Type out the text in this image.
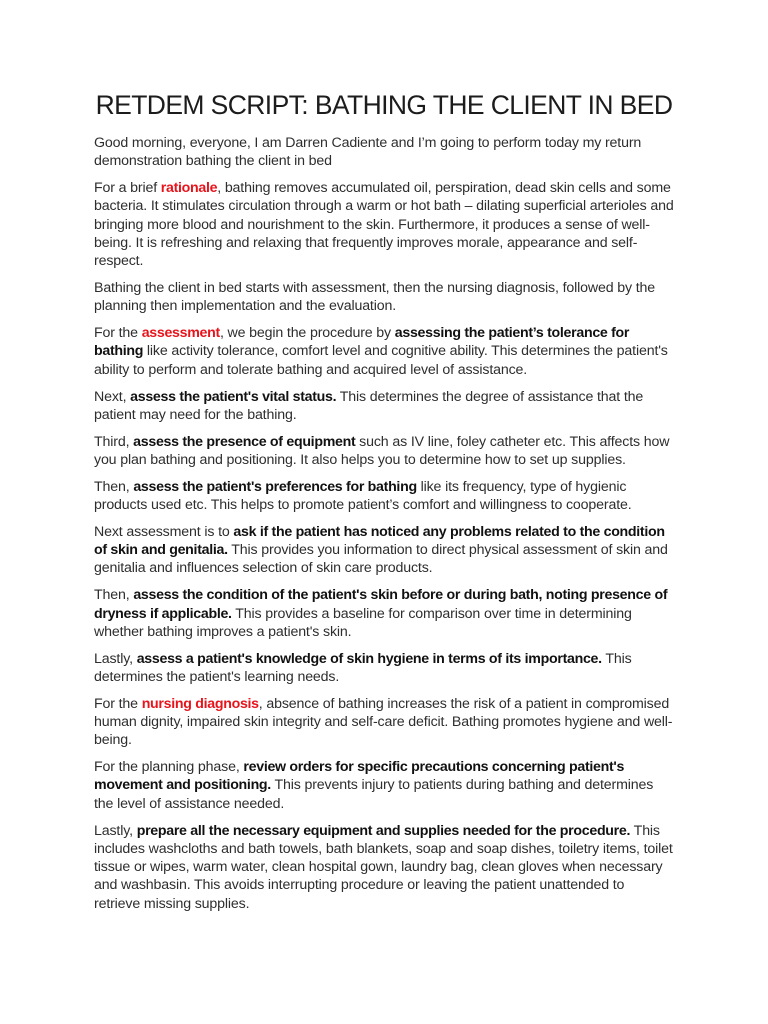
RETDEM SCRIPT: BATHING THE CLIENT IN BED

Good morning, everyone, I am Darren Cadiente and I’m going to perform today my return demonstration bathing the client in bed

For a brief rationale, bathing removes accumulated oil, perspiration, dead skin cells and some bacteria. It stimulates circulation through a warm or hot bath – dilating superficial arterioles and bringing more blood and nourishment to the skin. Furthermore, it produces a sense of well-being. It is refreshing and relaxing that frequently improves morale, appearance and self-respect.

Bathing the client in bed starts with assessment, then the nursing diagnosis, followed by the planning then implementation and the evaluation.

For the assessment, we begin the procedure by assessing the patient’s tolerance for bathing like activity tolerance, comfort level and cognitive ability. This determines the patient's ability to perform and tolerate bathing and acquired level of assistance.

Next, assess the patient's vital status. This determines the degree of assistance that the patient may need for the bathing.

Third, assess the presence of equipment such as IV line, foley catheter etc. This affects how you plan bathing and positioning. It also helps you to determine how to set up supplies.

Then, assess the patient's preferences for bathing like its frequency, type of hygienic products used etc. This helps to promote patient’s comfort and willingness to cooperate.

Next assessment is to ask if the patient has noticed any problems related to the condition of skin and genitalia. This provides you information to direct physical assessment of skin and genitalia and influences selection of skin care products.

Then, assess the condition of the patient's skin before or during bath, noting presence of dryness if applicable. This provides a baseline for comparison over time in determining whether bathing improves a patient's skin.

Lastly, assess a patient's knowledge of skin hygiene in terms of its importance. This determines the patient's learning needs.

For the nursing diagnosis, absence of bathing increases the risk of a patient in compromised human dignity, impaired skin integrity and self-care deficit. Bathing promotes hygiene and well-being.

For the planning phase, review orders for specific precautions concerning patient's movement and positioning. This prevents injury to patients during bathing and determines the level of assistance needed.

Lastly, prepare all the necessary equipment and supplies needed for the procedure. This includes washcloths and bath towels, bath blankets, soap and soap dishes, toiletry items, toilet tissue or wipes, warm water, clean hospital gown, laundry bag, clean gloves when necessary and washbasin. This avoids interrupting procedure or leaving the patient unattended to retrieve missing supplies.
